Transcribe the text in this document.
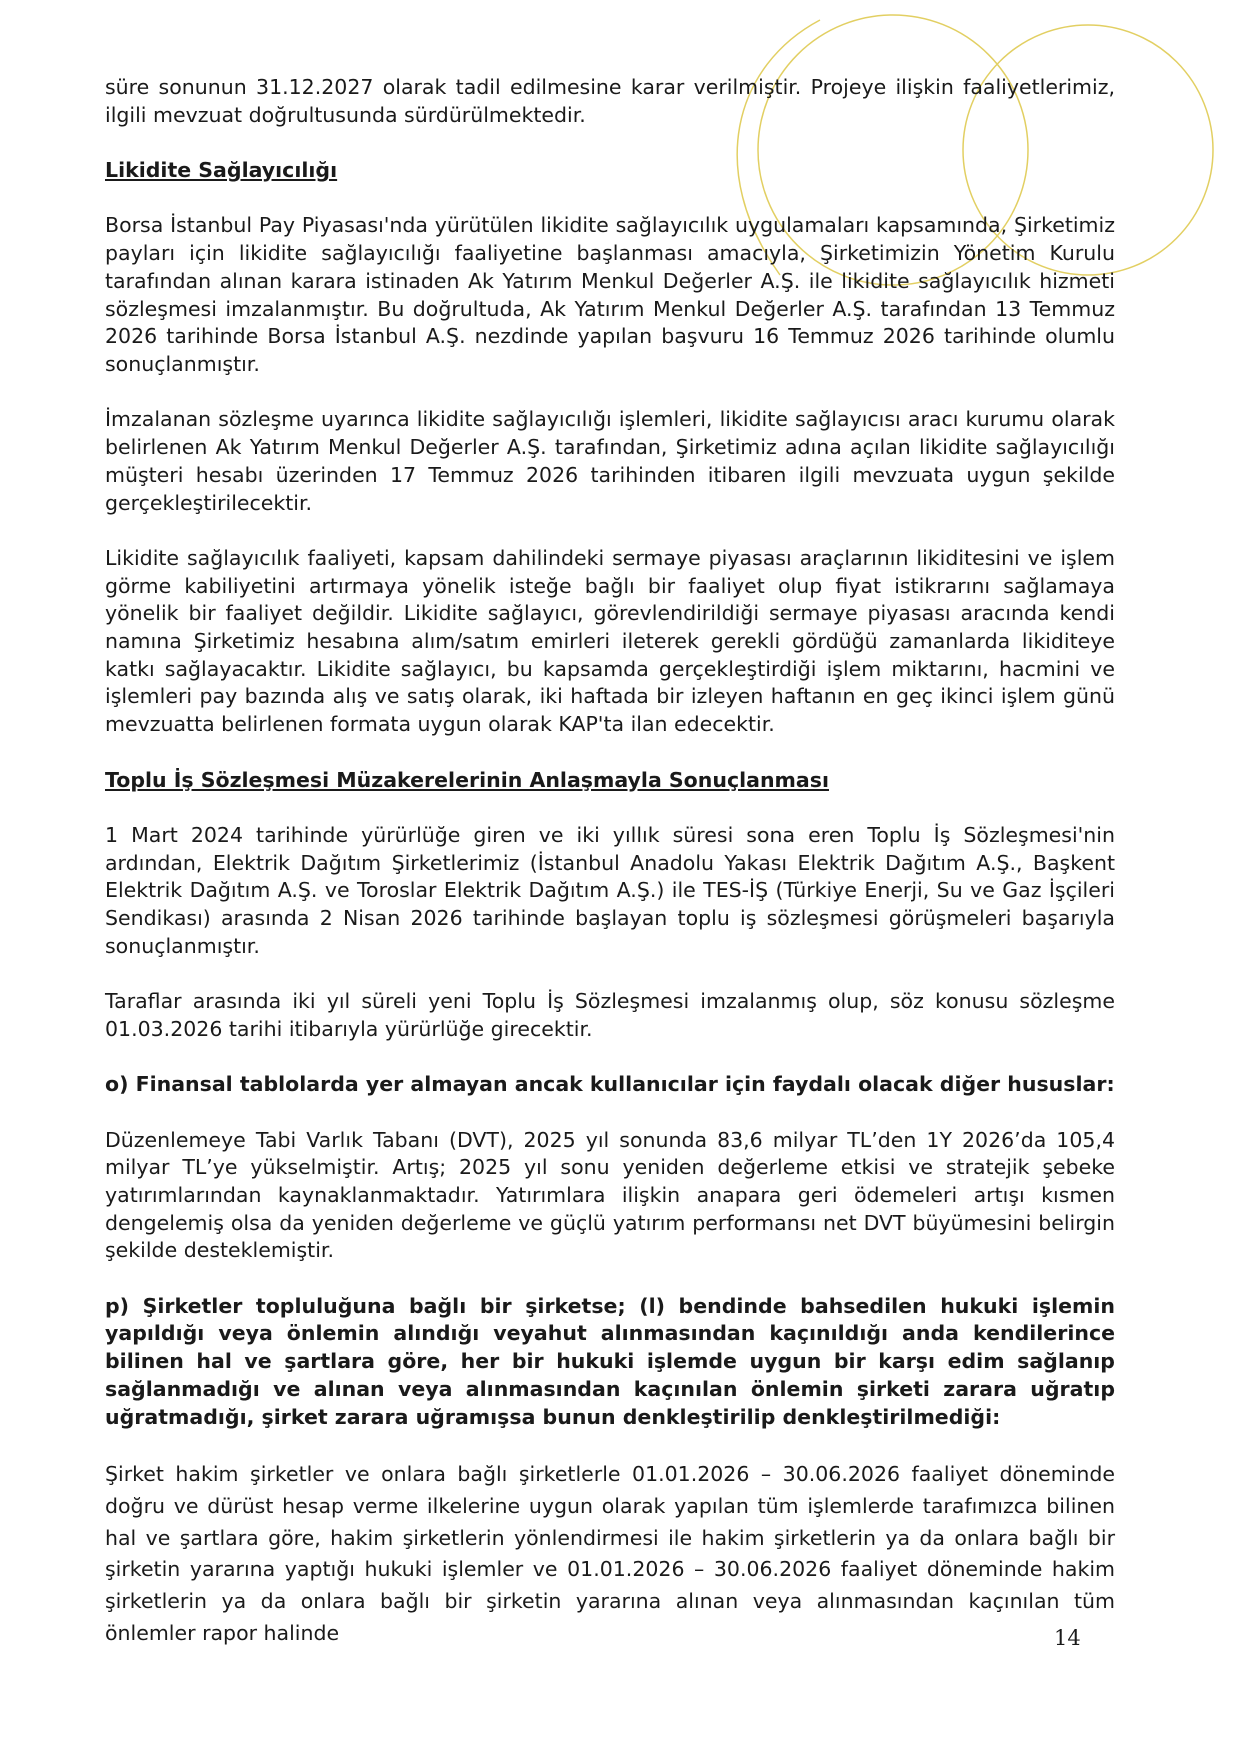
süre sonunun 31.12.2027 olarak tadil edilmesine karar verilmiştir. Projeye ilişkin faaliyetlerimiz, ilgili mevzuat doğrultusunda sürdürülmektedir.

Likidite Sağlayıcılığı

Borsa İstanbul Pay Piyasası'nda yürütülen likidite sağlayıcılık uygulamaları kapsamında, Şirketimiz payları için likidite sağlayıcılığı faaliyetine başlanması amacıyla, Şirketimizin Yönetim Kurulu tarafından alınan karara istinaden Ak Yatırım Menkul Değerler A.Ş. ile likidite sağlayıcılık hizmeti sözleşmesi imzalanmıştır. Bu doğrultuda, Ak Yatırım Menkul Değerler A.Ş. tarafından 13 Temmuz 2026 tarihinde Borsa İstanbul A.Ş. nezdinde yapılan başvuru 16 Temmuz 2026 tarihinde olumlu sonuçlanmıştır.

İmzalanan sözleşme uyarınca likidite sağlayıcılığı işlemleri, likidite sağlayıcısı aracı kurumu olarak belirlenen Ak Yatırım Menkul Değerler A.Ş. tarafından, Şirketimiz adına açılan likidite sağlayıcılığı müşteri hesabı üzerinden 17 Temmuz 2026 tarihinden itibaren ilgili mevzuata uygun şekilde gerçekleştirilecektir.

Likidite sağlayıcılık faaliyeti, kapsam dahilindeki sermaye piyasası araçlarının likiditesini ve işlem görme kabiliyetini artırmaya yönelik isteğe bağlı bir faaliyet olup fiyat istikrarını sağlamaya yönelik bir faaliyet değildir. Likidite sağlayıcı, görevlendirildiği sermaye piyasası aracında kendi namına Şirketimiz hesabına alım/satım emirleri ileterek gerekli gördüğü zamanlarda likiditeye katkı sağlayacaktır. Likidite sağlayıcı, bu kapsamda gerçekleştirdiği işlem miktarını, hacmini ve işlemleri pay bazında alış ve satış olarak, iki haftada bir izleyen haftanın en geç ikinci işlem günü mevzuatta belirlenen formata uygun olarak KAP'ta ilan edecektir.

Toplu İş Sözleşmesi Müzakerelerinin Anlaşmayla Sonuçlanması

1 Mart 2024 tarihinde yürürlüğe giren ve iki yıllık süresi sona eren Toplu İş Sözleşmesi'nin ardından, Elektrik Dağıtım Şirketlerimiz (İstanbul Anadolu Yakası Elektrik Dağıtım A.Ş., Başkent Elektrik Dağıtım A.Ş. ve Toroslar Elektrik Dağıtım A.Ş.) ile TES-İŞ (Türkiye Enerji, Su ve Gaz İşçileri Sendikası) arasında 2 Nisan 2026 tarihinde başlayan toplu iş sözleşmesi görüşmeleri başarıyla sonuçlanmıştır.

Taraflar arasında iki yıl süreli yeni Toplu İş Sözleşmesi imzalanmış olup, söz konusu sözleşme 01.03.2026 tarihi itibarıyla yürürlüğe girecektir.

o) Finansal tablolarda yer almayan ancak kullanıcılar için faydalı olacak diğer hususlar:

Düzenlemeye Tabi Varlık Tabanı (DVT), 2025 yıl sonunda 83,6 milyar TL’den 1Y 2026’da 105,4 milyar TL’ye yükselmiştir. Artış; 2025 yıl sonu yeniden değerleme etkisi ve stratejik şebeke yatırımlarından kaynaklanmaktadır. Yatırımlara ilişkin anapara geri ödemeleri artışı kısmen dengelemiş olsa da yeniden değerleme ve güçlü yatırım performansı net DVT büyümesini belirgin şekilde desteklemiştir.

p) Şirketler topluluğuna bağlı bir şirketse; (l) bendinde bahsedilen hukuki işlemin yapıldığı veya önlemin alındığı veyahut alınmasından kaçınıldığı anda kendilerince bilinen hal ve şartlara göre, her bir hukuki işlemde uygun bir karşı edim sağlanıp sağlanmadığı ve alınan veya alınmasından kaçınılan önlemin şirketi zarara uğratıp uğratmadığı, şirket zarara uğramışsa bunun denkleştirilip denkleştirilmediği:

Şirket hakim şirketler ve onlara bağlı şirketlerle 01.01.2026 – 30.06.2026 faaliyet döneminde doğru ve dürüst hesap verme ilkelerine uygun olarak yapılan tüm işlemlerde tarafımızca bilinen hal ve şartlara göre, hakim şirketlerin yönlendirmesi ile hakim şirketlerin ya da onlara bağlı bir şirketin yararına yaptığı hukuki işlemler ve 01.01.2026 – 30.06.2026 faaliyet döneminde hakim şirketlerin ya da onlara bağlı bir şirketin yararına alınan veya alınmasından kaçınılan tüm önlemler rapor halinde	14
